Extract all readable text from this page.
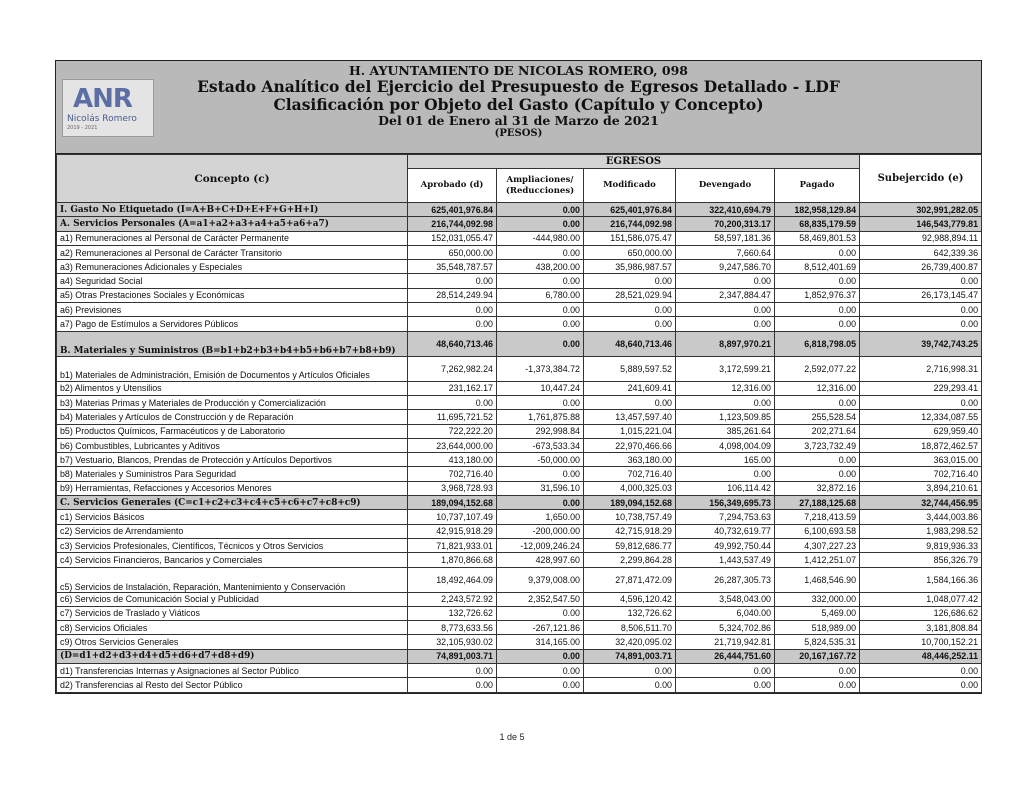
ANR
Nicolás Romero
2019 - 2021
H. AYUNTAMIENTO DE NICOLAS ROMERO, 098
Estado Analítico del Ejercicio del Presupuesto de Egresos Detallado - LDF
Clasificación por Objeto del Gasto (Capítulo y Concepto)
Del 01 de Enero al 31 de Marzo de 2021
(PESOS)
Concepto (c)	EGRESOS					Subejercido (e)
	Aprobado (d)	Ampliaciones/ (Reducciones)	Modificado	Devengado	Pagado	
I. Gasto No Etiquetado (I=A+B+C+D+E+F+G+H+I)	625,401,976.84	0.00	625,401,976.84	322,410,694.79	182,958,129.84	302,991,282.05
A. Servicios Personales (A=a1+a2+a3+a4+a5+a6+a7)	216,744,092.98	0.00	216,744,092.98	70,200,313.17	68,835,179.59	146,543,779.81
a1) Remuneraciones al Personal de Carácter Permanente	152,031,055.47	-444,980.00	151,586,075.47	58,597,181.36	58,469,801.53	92,988,894.11
a2) Remuneraciones al Personal de Carácter Transitorio	650,000.00	0.00	650,000.00	7,660.64	0.00	642,339.36
a3) Remuneraciones Adicionales y Especiales	35,548,787.57	438,200.00	35,986,987.57	9,247,586.70	8,512,401.69	26,739,400.87
a4) Seguridad Social	0.00	0.00	0.00	0.00	0.00	0.00
a5) Otras Prestaciones Sociales y Económicas	28,514,249.94	6,780.00	28,521,029.94	2,347,884.47	1,852,976.37	26,173,145.47
a6) Previsiones	0.00	0.00	0.00	0.00	0.00	0.00
a7) Pago de Estímulos a Servidores Públicos	0.00	0.00	0.00	0.00	0.00	0.00
B. Materiales y Suministros (B=b1+b2+b3+b4+b5+b6+b7+b8+b9)	48,640,713.46	0.00	48,640,713.46	8,897,970.21	6,818,798.05	39,742,743.25
b1) Materiales de Administración, Emisión de Documentos y Artículos Oficiales	7,262,982.24	-1,373,384.72	5,889,597.52	3,172,599.21	2,592,077.22	2,716,998.31
b2) Alimentos y Utensilios	231,162.17	10,447.24	241,609.41	12,316.00	12,316.00	229,293.41
b3) Materias Primas y Materiales de Producción y Comercialización	0.00	0.00	0.00	0.00	0.00	0.00
b4) Materiales y Artículos de Construcción y de Reparación	11,695,721.52	1,761,875.88	13,457,597.40	1,123,509.85	255,528.54	12,334,087.55
b5) Productos Químicos, Farmacéuticos y de Laboratorio	722,222.20	292,998.84	1,015,221.04	385,261.64	202,271.64	629,959.40
b6) Combustibles, Lubricantes y Aditivos	23,644,000.00	-673,533.34	22,970,466.66	4,098,004.09	3,723,732.49	18,872,462.57
b7) Vestuario, Blancos, Prendas de Protección y Artículos Deportivos	413,180.00	-50,000.00	363,180.00	165.00	0.00	363,015.00
b8) Materiales y Suministros Para Seguridad	702,716.40	0.00	702,716.40	0.00	0.00	702,716.40
b9) Herramientas, Refacciones y Accesorios Menores	3,968,728.93	31,596.10	4,000,325.03	106,114.42	32,872.16	3,894,210.61
C. Servicios Generales (C=c1+c2+c3+c4+c5+c6+c7+c8+c9)	189,094,152.68	0.00	189,094,152.68	156,349,695.73	27,188,125.68	32,744,456.95
c1) Servicios Básicos	10,737,107.49	1,650.00	10,738,757.49	7,294,753.63	7,218,413.59	3,444,003.86
c2) Servicios de Arrendamiento	42,915,918.29	-200,000.00	42,715,918.29	40,732,619.77	6,100,693.58	1,983,298.52
c3) Servicios Profesionales, Científicos, Técnicos y Otros Servicios	71,821,933.01	-12,009,246.24	59,812,686.77	49,992,750.44	4,307,227.23	9,819,936.33
c4) Servicios Financieros, Bancarios y Comerciales	1,870,866.68	428,997.60	2,299,864.28	1,443,537.49	1,412,251.07	856,326.79
c5) Servicios de Instalación, Reparación, Mantenimiento y Conservación	18,492,464.09	9,379,008.00	27,871,472.09	26,287,305.73	1,468,546.90	1,584,166.36
c6) Servicios de Comunicación Social y Publicidad	2,243,572.92	2,352,547.50	4,596,120.42	3,548,043.00	332,000.00	1,048,077.42
c7) Servicios de Traslado y Viáticos	132,726.62	0.00	132,726.62	6,040.00	5,469.00	126,686.62
c8) Servicios Oficiales	8,773,633.56	-267,121.86	8,506,511.70	5,324,702.86	518,989.00	3,181,808.84
c9) Otros Servicios Generales	32,105,930.02	314,165.00	32,420,095.02	21,719,942.81	5,824,535.31	10,700,152.21
(D=d1+d2+d3+d4+d5+d6+d7+d8+d9)	74,891,003.71	0.00	74,891,003.71	26,444,751.60	20,167,167.72	48,446,252.11
d1) Transferencias Internas y Asignaciones al Sector Público	0.00	0.00	0.00	0.00	0.00	0.00
d2) Transferencias al Resto del Sector Público	0.00	0.00	0.00	0.00	0.00	0.00
1 de 5
